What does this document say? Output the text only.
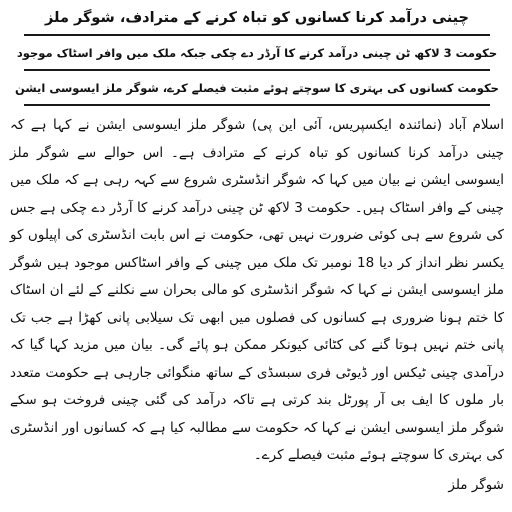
چینی درآمد کرنا کسانوں کو تباہ کرنے کے مترادف، شوگر ملز
حکومت 3 لاکھ ٹن چینی درآمد کرنے کا آرڈر دے چکی جبکہ ملک میں وافر اسٹاک موجود
حکومت کسانوں کی بہتری کا سوچتے ہوئے مثبت فیصلے کرے، شوگر ملز ایسوسی ایشن

اسلام آباد (نمائندہ ایکسپریس، آئی این پی) شوگر ملز ایسوسی ایشن نے کہا ہے کہ چینی درآمد کرنا کسانوں کو تباہ کرنے کے مترادف ہے۔ اس حوالے سے شوگر ملز ایسوسی ایشن نے بیان میں کہا کہ شوگر انڈسٹری شروع سے کہہ رہی ہے کہ ملک میں چینی کے وافر اسٹاک ہیں۔ حکومت 3 لاکھ ٹن چینی درآمد کرنے کا آرڈر دے چکی ہے جس کی شروع سے ہی کوئی ضرورت نہیں تھی، حکومت نے اس بابت انڈسٹری کی اپیلوں کو یکسر نظر انداز کر دیا 18 نومبر تک ملک میں چینی کے وافر اسٹاکس موجود ہیں شوگر ملز ایسوسی ایشن نے کہا کہ شوگر انڈسٹری کو مالی بحران سے نکلنے کے لئے ان اسٹاک کا ختم ہونا ضروری ہے کسانوں کی فصلوں میں ابھی تک سیلابی پانی کھڑا ہے جب تک پانی ختم نہیں ہوتا گنے کی کٹائی کیونکر ممکن ہو پائے گی۔ بیان میں مزید کہا گیا کہ درآمدی چینی ٹیکس اور ڈیوٹی فری سبسڈی کے ساتھ منگوائی جارہی ہے حکومت متعدد بار ملوں کا ایف بی آر پورٹل بند کرتی ہے تاکہ درآمد کی گئی چینی فروخت ہو سکے شوگر ملز ایسوسی ایشن نے کہا کہ حکومت سے مطالبہ کیا ہے کہ کسانوں اور انڈسٹری کی بہتری کا سوچتے ہوئے مثبت فیصلے کرے۔

شوگر ملز
